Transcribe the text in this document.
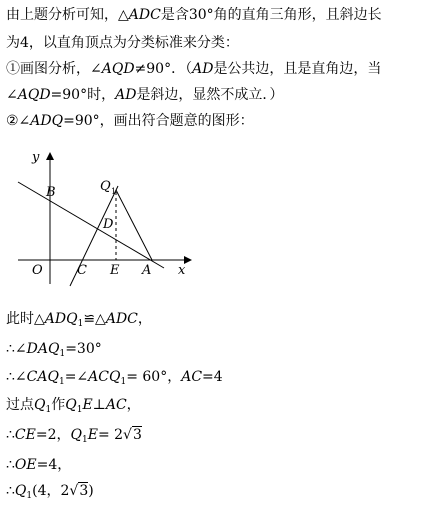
由上题分析可知，△ADC是含30°角的直角三角形，且斜边长
为4，以直角顶点为分类标准来分类：
①画图分析，∠AQD≠90°．（AD是公共边，且是直角边，当
∠AQD=90°时，AD是斜边，显然不成立．）
②∠ADQ=90°，画出符合题意的图形：
y
x
B	Q 1
D
O	C E A
此时$\triangle ADQ_1≌\triangle ADC$，
$\therefore\angle DAQ_1=30^\circ$
$\therefore\angle CAQ_1=\angle ACQ_1= 60^\circ$，AC=4
过点$Q_1$作$Q_1E\perp AC$，
∴CE=2，$Q_1E= 2√3$
∴OE=4，
$\therefore Q_1(4$，2√3)
